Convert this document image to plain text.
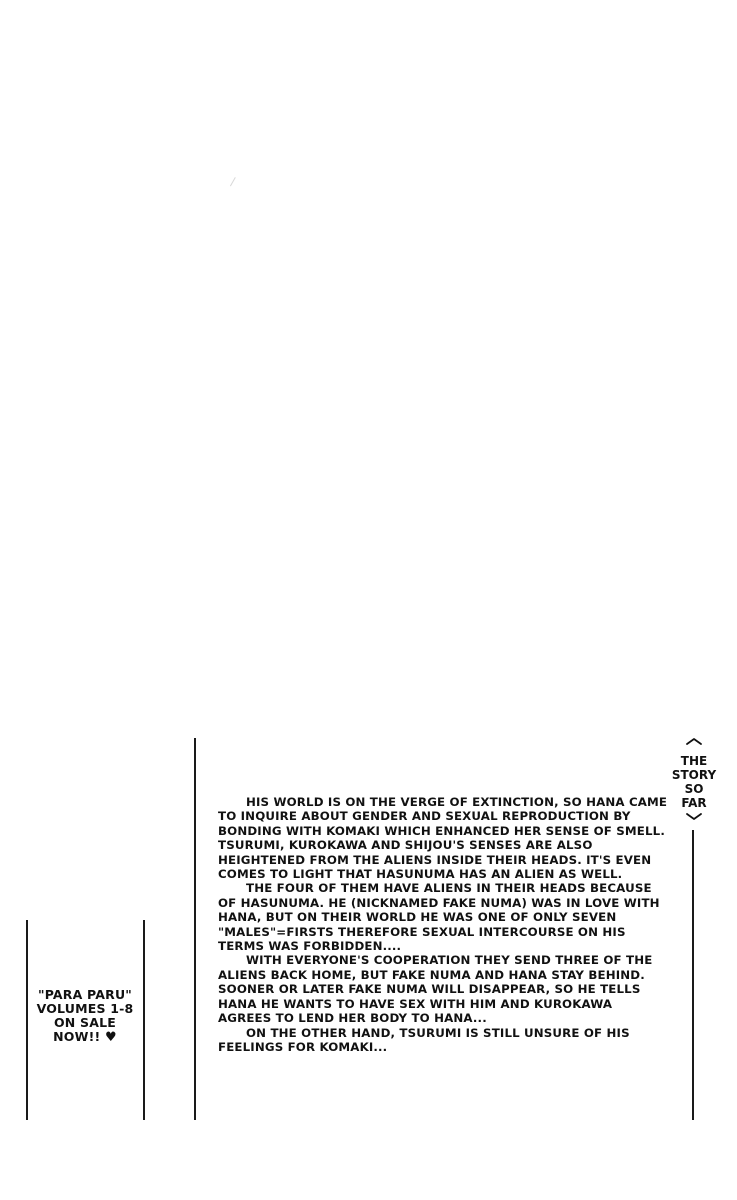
"PARA PARU"
VOLUMES 1-8
ON SALE
NOW!! ♥
THE
STORY
SO
FAR

HIS WORLD IS ON THE VERGE OF EXTINCTION, SO HANA CAME TO INQUIRE ABOUT GENDER AND SEXUAL REPRODUCTION BY BONDING WITH KOMAKI WHICH ENHANCED HER SENSE OF SMELL. TSURUMI, KUROKAWA AND SHIJOU'S SENSES ARE ALSO HEIGHTENED FROM THE ALIENS INSIDE THEIR HEADS. IT'S EVEN COMES TO LIGHT THAT HASUNUMA HAS AN ALIEN AS WELL.

THE FOUR OF THEM HAVE ALIENS IN THEIR HEADS BECAUSE OF HASUNUMA. HE (NICKNAMED FAKE NUMA) WAS IN LOVE WITH HANA, BUT ON THEIR WORLD HE WAS ONE OF ONLY SEVEN "MALES"=FIRSTS THEREFORE SEXUAL INTERCOURSE ON HIS TERMS WAS FORBIDDEN....

WITH EVERYONE'S COOPERATION THEY SEND THREE OF THE ALIENS BACK HOME, BUT FAKE NUMA AND HANA STAY BEHIND. SOONER OR LATER FAKE NUMA WILL DISAPPEAR, SO HE TELLS HANA HE WANTS TO HAVE SEX WITH HIM AND KUROKAWA AGREES TO LEND HER BODY TO HANA...

ON THE OTHER HAND, TSURUMI IS STILL UNSURE OF HIS FEELINGS FOR KOMAKI...
